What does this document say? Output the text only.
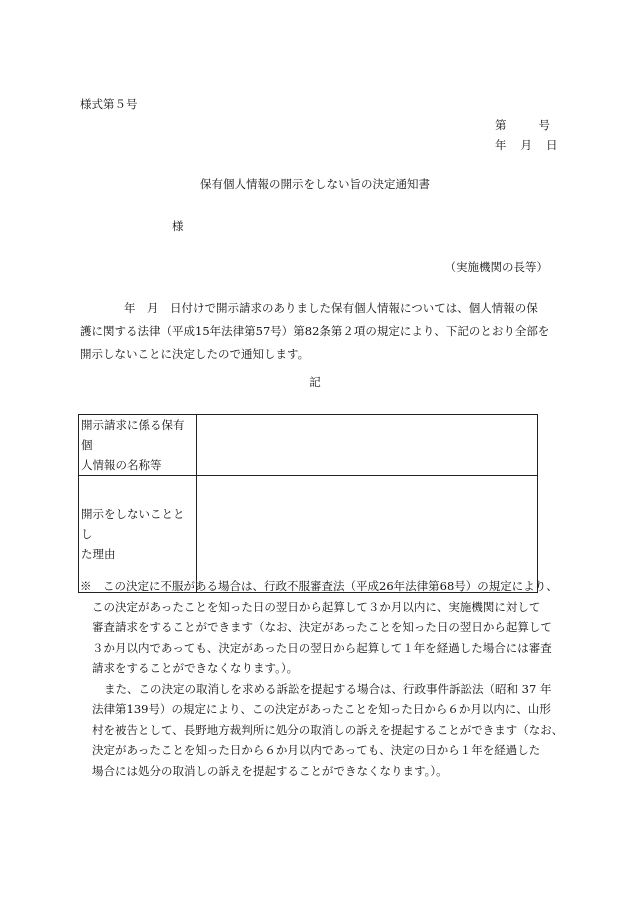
様式第５号
第	号
年 月 日
保有個人情報の開示をしない旨の決定通知書
様
（実施機関の長等）
年　月　日付けで開示請求のありました保有個人情報については、個人情報の保
護に関する法律（平成15年法律第57号）第82条第２項の規定により、下記のとおり全部を
開示しないことに決定したので通知します。
記
開示請求に係る保有個
人情報の名称等	

開示をしないこととし
た理由	

※　この決定に不服がある場合は、行政不服審査法（平成26年法律第68号）の規定により、
この決定があったことを知った日の翌日から起算して３か月以内に、実施機関に対して
審査請求をすることができます（なお、決定があったことを知った日の翌日から起算して
３か月以内であっても、決定があった日の翌日から起算して１年を経過した場合には審査
請求をすることができなくなります。）。
また、この決定の取消しを求める訴訟を提起する場合は、行政事件訴訟法（昭和 37 年
法律第139号）の規定により、この決定があったことを知った日から６か月以内に、山形
村を被告として、長野地方裁判所に処分の取消しの訴えを提起することができます（なお、
決定があったことを知った日から６か月以内であっても、決定の日から１年を経過した
場合には処分の取消しの訴えを提起することができなくなります。）。
